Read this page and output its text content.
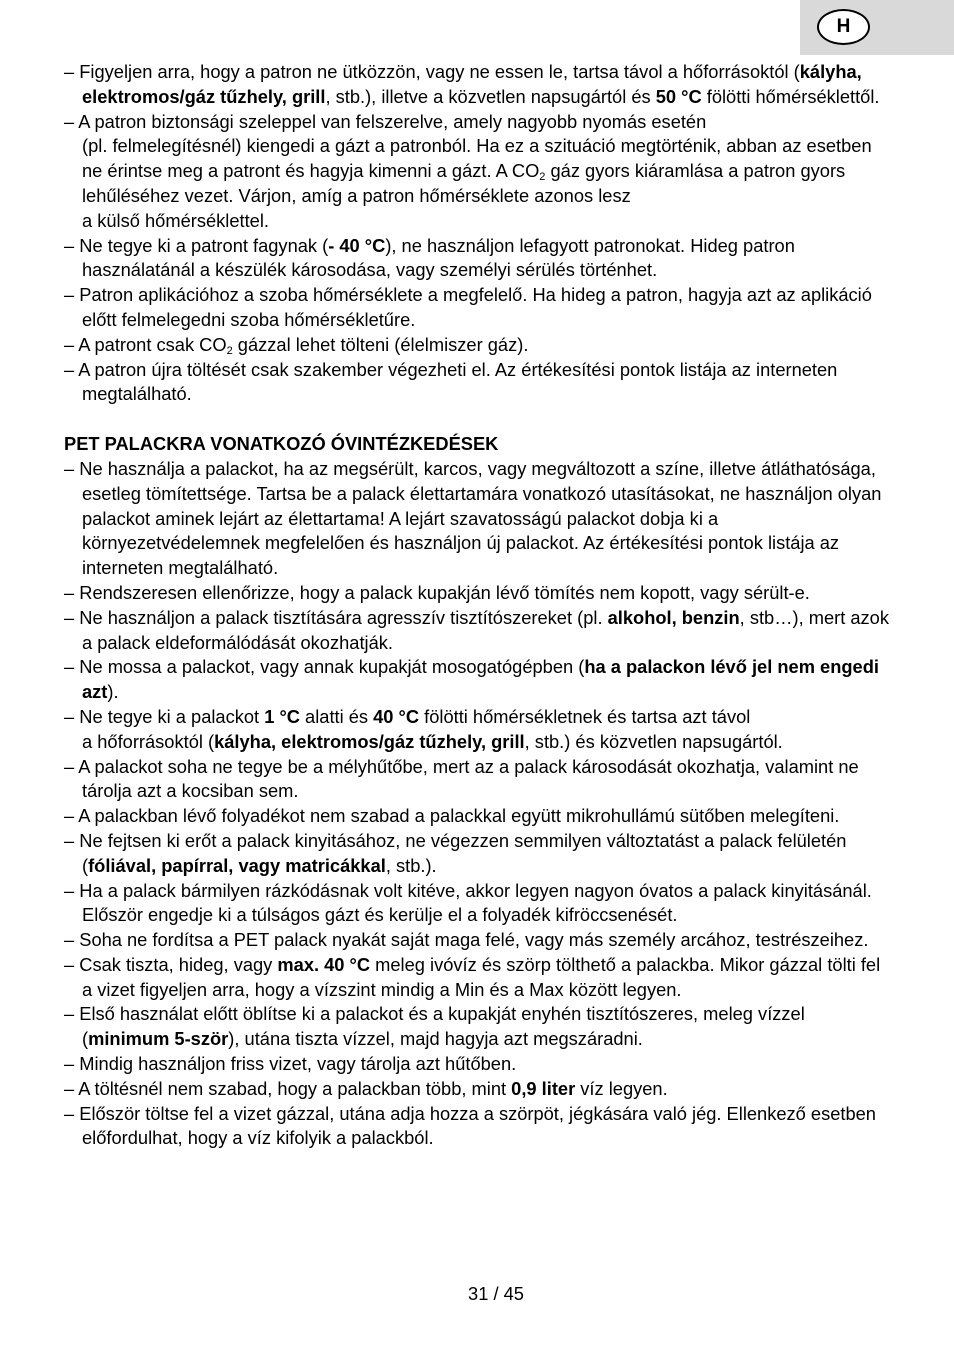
H

– Figyeljen arra, hogy a patron ne ütközzön, vagy ne essen le, tartsa távol a hőforrásoktól (kályha, elektromos/gáz tűzhely, grill, stb.), illetve a közvetlen napsugártól és 50 °C fölötti hőmérséklettől.

– A patron biztonsági szeleppel van felszerelve, amely nagyobb nyomás esetén
(pl. felmelegítésnél) kiengedi a gázt a patronból. Ha ez a szituáció megtörténik, abban az esetben ne érintse meg a patront és hagyja kimenni a gázt. A $CO_2$ gáz gyors kiáramlása a patron gyors lehűléséhez vezet. Várjon, amíg a patron hőmérséklete azonos lesz
a külső hőmérséklettel.

– Ne tegye ki a patront fagynak (- 40 °C), ne használjon lefagyott patronokat. Hideg patron használatánál a készülék károsodása, vagy személyi sérülés történhet.

– Patron aplikációhoz a szoba hőmérséklete a megfelelő. Ha hideg a patron, hagyja azt az aplikáció előtt felmelegedni szoba hőmérsékletűre.

– A patront csak $CO_2$ gázzal lehet tölteni (élelmiszer gáz).

– A patron újra töltését csak szakember végezheti el. Az értékesítési pontok listája az interneten megtalálható.

PET PALACKRA VONATKOZÓ ÓVINTÉZKEDÉSEK

– Ne használja a palackot, ha az megsérült, karcos, vagy megváltozott a színe, illetve átláthatósága, esetleg tömítettsége. Tartsa be a palack élettartamára vonatkozó utasításokat, ne használjon olyan palackot aminek lejárt az élettartama! A lejárt szavatosságú palackot dobja ki a környezetvédelemnek megfelelően és használjon új palackot. Az értékesítési pontok listája az interneten megtalálható.

– Rendszeresen ellenőrizze, hogy a palack kupakján lévő tömítés nem kopott, vagy sérült-e.

– Ne használjon a palack tisztítására agresszív tisztítószereket (pl. alkohol, benzin, stb…), mert azok a palack eldeformálódását okozhatják.

– Ne mossa a palackot, vagy annak kupakját mosogatógépben (ha a palackon lévő jel nem engedi azt).

– Ne tegye ki a palackot 1 °C alatti és 40 °C fölötti hőmérsékletnek és tartsa azt távol
a hőforrásoktól (kályha, elektromos/gáz tűzhely, grill, stb.) és közvetlen napsugártól.

– A palackot soha ne tegye be a mélyhűtőbe, mert az a palack károsodását okozhatja, valamint ne tárolja azt a kocsiban sem.

– A palackban lévő folyadékot nem szabad a palackkal együtt mikrohullámú sütőben melegíteni.

– Ne fejtsen ki erőt a palack kinyitásához, ne végezzen semmilyen változtatást a palack felületén (fóliával, papírral, vagy matricákkal, stb.).

– Ha a palack bármilyen rázkódásnak volt kitéve, akkor legyen nagyon óvatos a palack kinyitásánál. Először engedje ki a túlságos gázt és kerülje el a folyadék kifröccsenését.

– Soha ne fordítsa a PET palack nyakát saját maga felé, vagy más személy arcához, testrészeihez.

– Csak tiszta, hideg, vagy max. 40 °C meleg ivóvíz és szörp tölthető a palackba. Mikor gázzal tölti fel a vizet figyeljen arra, hogy a vízszint mindig a Min és a Max között legyen.

– Első használat előtt öblítse ki a palackot és a kupakját enyhén tisztítószeres, meleg vízzel (minimum 5-ször), utána tiszta vízzel, majd hagyja azt megszáradni.

– Mindig használjon friss vizet, vagy tárolja azt hűtőben.

– A töltésnél nem szabad, hogy a palackban több, mint 0,9 liter víz legyen.

– Először töltse fel a vizet gázzal, utána adja hozza a szörpöt, jégkására való jég. Ellenkező esetben előfordulhat, hogy a víz kifolyik a palackból.

31 / 45
